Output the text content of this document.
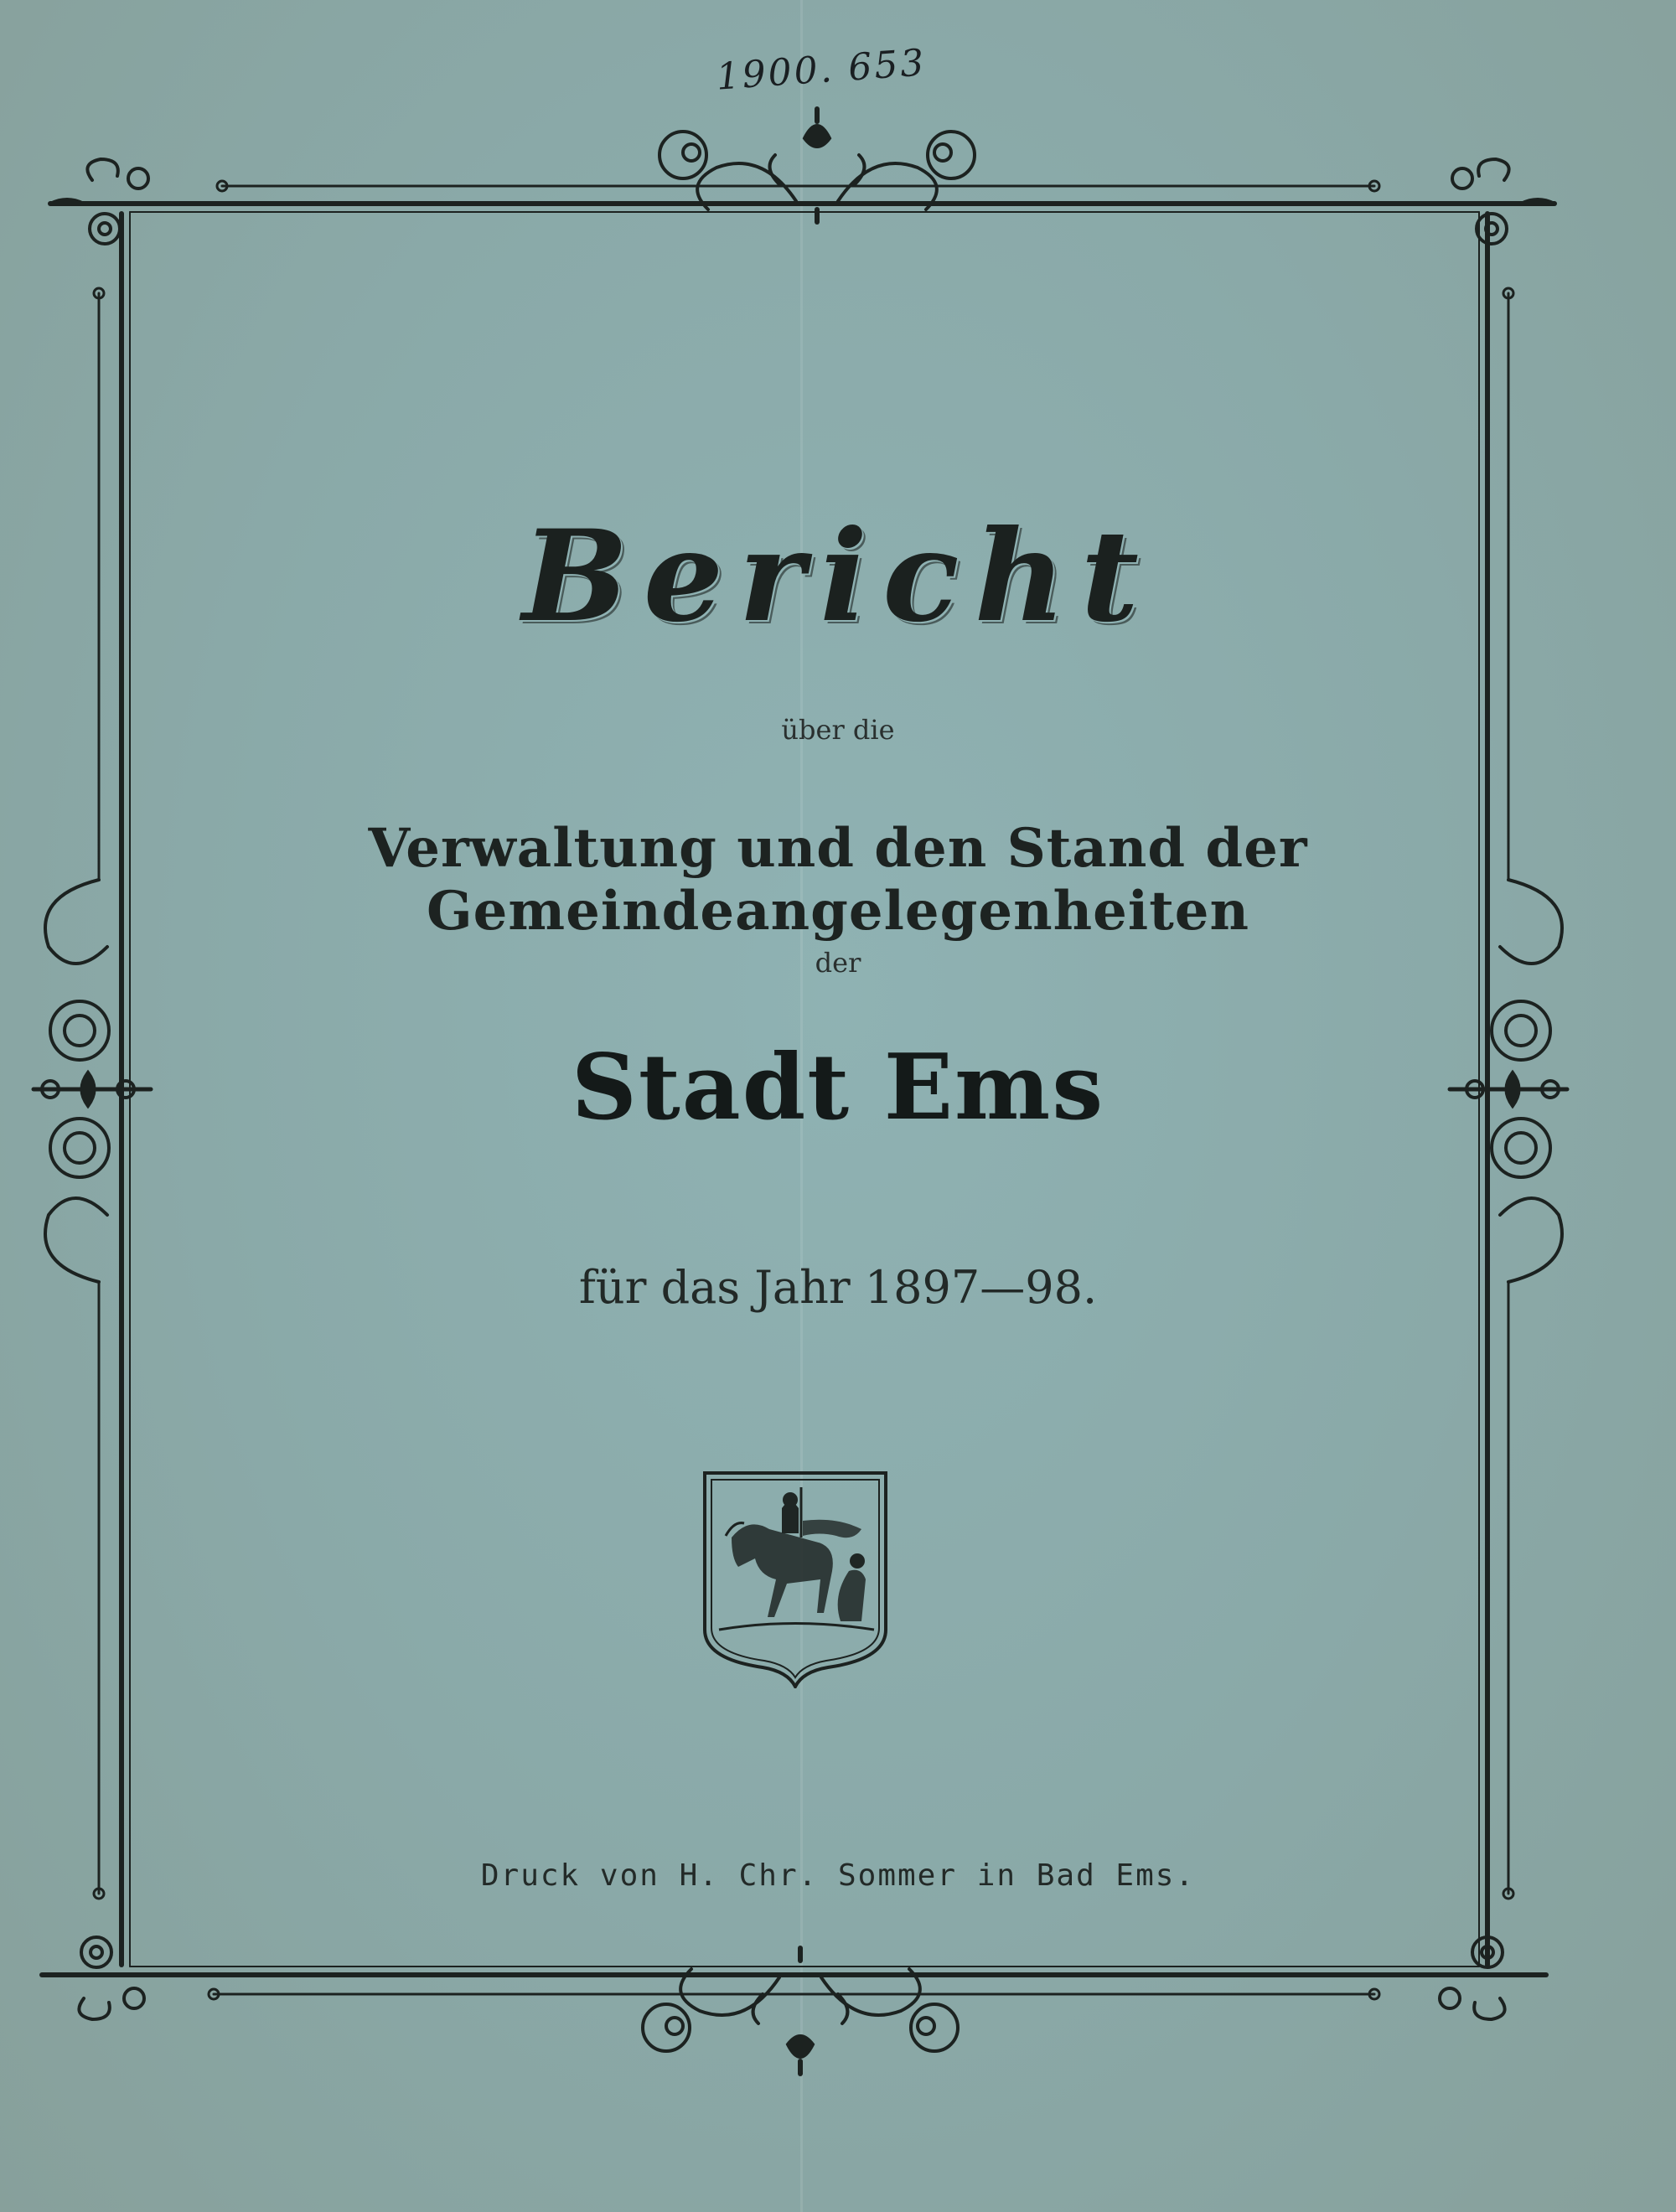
1900. 653
Bericht
über die
Verwaltung und den Stand der Gemeindeangelegenheiten
der
Stadt Ems
für das Jahr 1897—98.
Druck von H. Chr. Sommer in Bad Ems.
